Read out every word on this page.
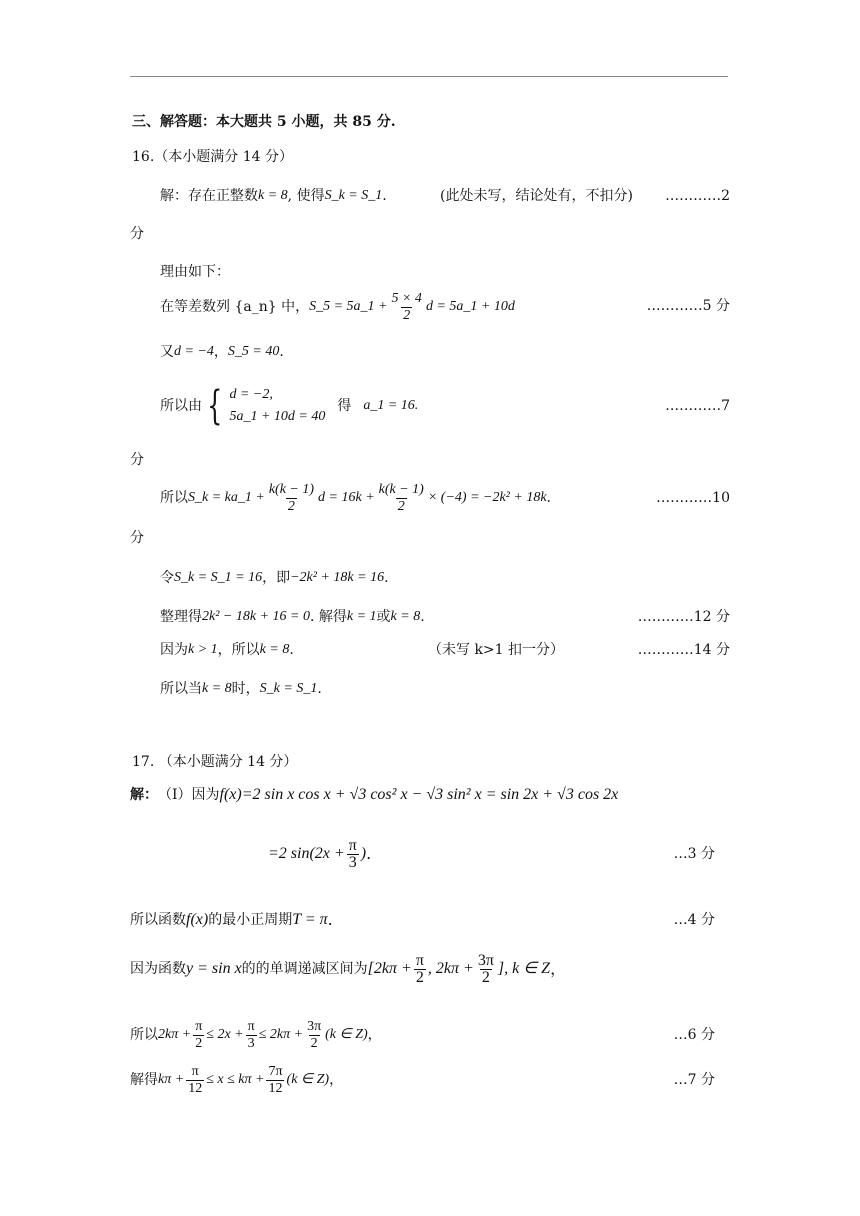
三、解答题：本大题共 5 小题，共 85 分.
16.（本小题满分 14 分）
解：存在正整数 k = 8 , 使得 S_k = S_1 .	(此处未写，结论处有，不扣分) …………2
分
理由如下：
在等差数列 {a_n} 中， S_5 = 5a_1 + $\frac{5 \times 4}{2}$ d = 5a_1 + 10d	…………5 分
又 d = −4 ， S_5 = 40 .
所以由 { d = −2,
5a_1 + 10d = 40
得 a_1 = 16.	…………7
分
所以 S_k = ka_1 + $\frac{k(k - 1)}{2}$ $d = 16k + \frac{k(k - 1)}{2} \times (-4) = -2k^2 + 18k$ .	…………10
分
令 S_k = S_1 = 16 ，即 −2k² + 18k = 16 .
整理得 2k² − 18k + 16 = 0 . 解得 k = 1 或 k = 8 .	…………12 分
因为 k > 1 ，所以 k = 8 .	（未写 k>1 扣一分）	…………14 分
所以当 k = 8 时， S_k = S_1 .
17. （本小题满分 14 分）
解： （Ⅰ）因为 f(x)=2 sin x cos x + √3 cos² x − √3 sin² x = sin 2x + √3 cos 2x
=2 $\sin(2x + \frac{\pi}{3}$ ) .	…3 分
所以函数 f(x) 的最小正周期 T = π .	…4 分
因为函数 y = sin x 的的单调递减区间为 [$2k\pi + \frac{\pi}{2}$ , $2k\pi + \frac{3\pi}{2}$ ], k ∈ Z ，
所以 $2k\pi + \frac{\pi}{2} \le 2x + \frac{\pi}{3} \le 2k\pi + \frac{3\pi}{2} (k$ ∈ Z) ，	…6 分
解得 $k\pi + \frac{\pi}{12} \le x \le k\pi + \frac{7\pi}{12} (k$ ∈ Z) ，	…7 分
